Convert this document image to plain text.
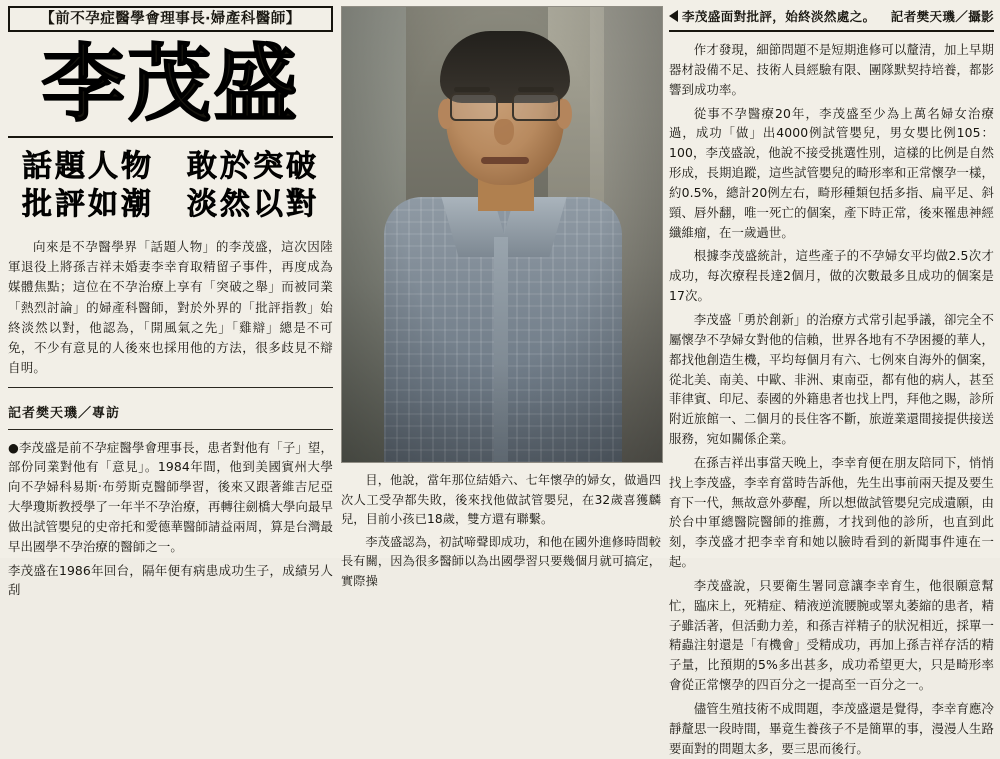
【前不孕症醫學會理事長‧婦產科醫師】
李茂盛
話題人物　敢於突破
批評如潮　淡然以對
向來是不孕醫學界「話題人物」的李茂盛，這次因陸軍退役上將孫吉祥未婚妻李幸育取精留子事件，再度成為媒體焦點；這位在不孕治療上享有「突破之舉」而被同業「熱烈討論」的婦產科醫師，對於外界的「批評指教」始終淡然以對，他認為，「開風氣之先」「雞辯」總是不可免，不少有意見的人後來也採用他的方法，很多歧見不辯自明。
記者樊天璣／專訪

●李茂盛是前不孕症醫學會理事長，患者對他有「子」望，部份同業對他有「意見」。1984年間，他到美國賓州大學向不孕婦科易斯‧布勞斯克醫師學習，後來又跟著維吉尼亞大學瓊斯教授學了一年半不孕治療，再轉往劍橋大學向最早做出試管嬰兒的史帝托和愛德華醫師請益兩周，算是台灣最早出國學不孕治療的醫師之一。

李茂盛在1986年回台，隔年便有病患成功生子，成績另人刮

目，他說，當年那位結婚六、七年懷孕的婦女，做過四次人工受孕都失敗，後來找他做試管嬰兒，在32歲喜獲麟兒，目前小孩已18歲，雙方還有聯繫。

李茂盛認為，初試啼聲即成功，和他在國外進修時間較長有關，因為很多醫師以為出國學習只要幾個月就可搞定，實際操

李茂盛面對批評，始終淡然處之。 記者樊天璣／攝影

作才發現，細節問題不是短期進修可以釐清，加上早期器材設備不足、技術人員經驗有限、團隊默契持培養，都影響到成功率。

從事不孕醫療20年，李茂盛至少為上萬名婦女治療過，成功「做」出4000例試管嬰兒，男女嬰比例105：100，李茂盛說，他說不接受挑選性別，這樣的比例是自然形成，長期追蹤，這些試管嬰兒的畸形率和正常懷孕一樣，約0.5%，總計20例左右，畸形種類包括多指、扁平足、斜頸、唇外翻，唯一死亡的個案，產下時正常，後來罹患神經纖維瘤，在一歲過世。

根據李茂盛統計，這些產子的不孕婦女平均做2.5次才成功，每次療程長達2個月，做的次數最多且成功的個案是17次。

李茂盛「勇於創新」的治療方式常引起爭議，卻完全不屬懷孕不孕婦女對他的信賴，世界各地有不孕困擾的華人，都找他創造生機，平均每個月有六、七例來自海外的個案，從北美、南美、中歐、非洲、東南亞，都有他的病人，甚至菲律賓、印尼、泰國的外籍患者也找上門，拜他之賜，診所附近旅館一、二個月的長住客不斷，旅遊業還間接提供接送服務，宛如關係企業。

在孫吉祥出事當天晚上，李幸育便在朋友陪同下，悄悄找上李茂盛，李幸育當時告訴他，先生出事前兩天提及要生育下一代，無故意外夢醒，所以想做試管嬰兒完成遺願，由於台中軍總醫院醫師的推薦，才找到他的診所，也直到此刻，李茂盛才把李幸育和她以臉時看到的新聞事件連在一起。

李茂盛說，只要衛生署同意讓李幸育生，他很願意幫忙，臨床上，死精症、精液逆流腰腕或睪丸萎縮的患者，精子雖活著，但活動力差，和孫吉祥精子的狀況相近，採單一精蟲注射還是「有機會」受精成功，再加上孫吉祥存活的精子量，比預期的5%多出甚多，成功希望更大，只是畸形率會從正常懷孕的四百分之一提高至一百分之一。

儘管生殖技術不成問題，李茂盛還是覺得，李幸育應冷靜釐思一段時間，畢竟生養孩子不是簡單的事，漫漫人生路要面對的問題太多，要三思而後行。
